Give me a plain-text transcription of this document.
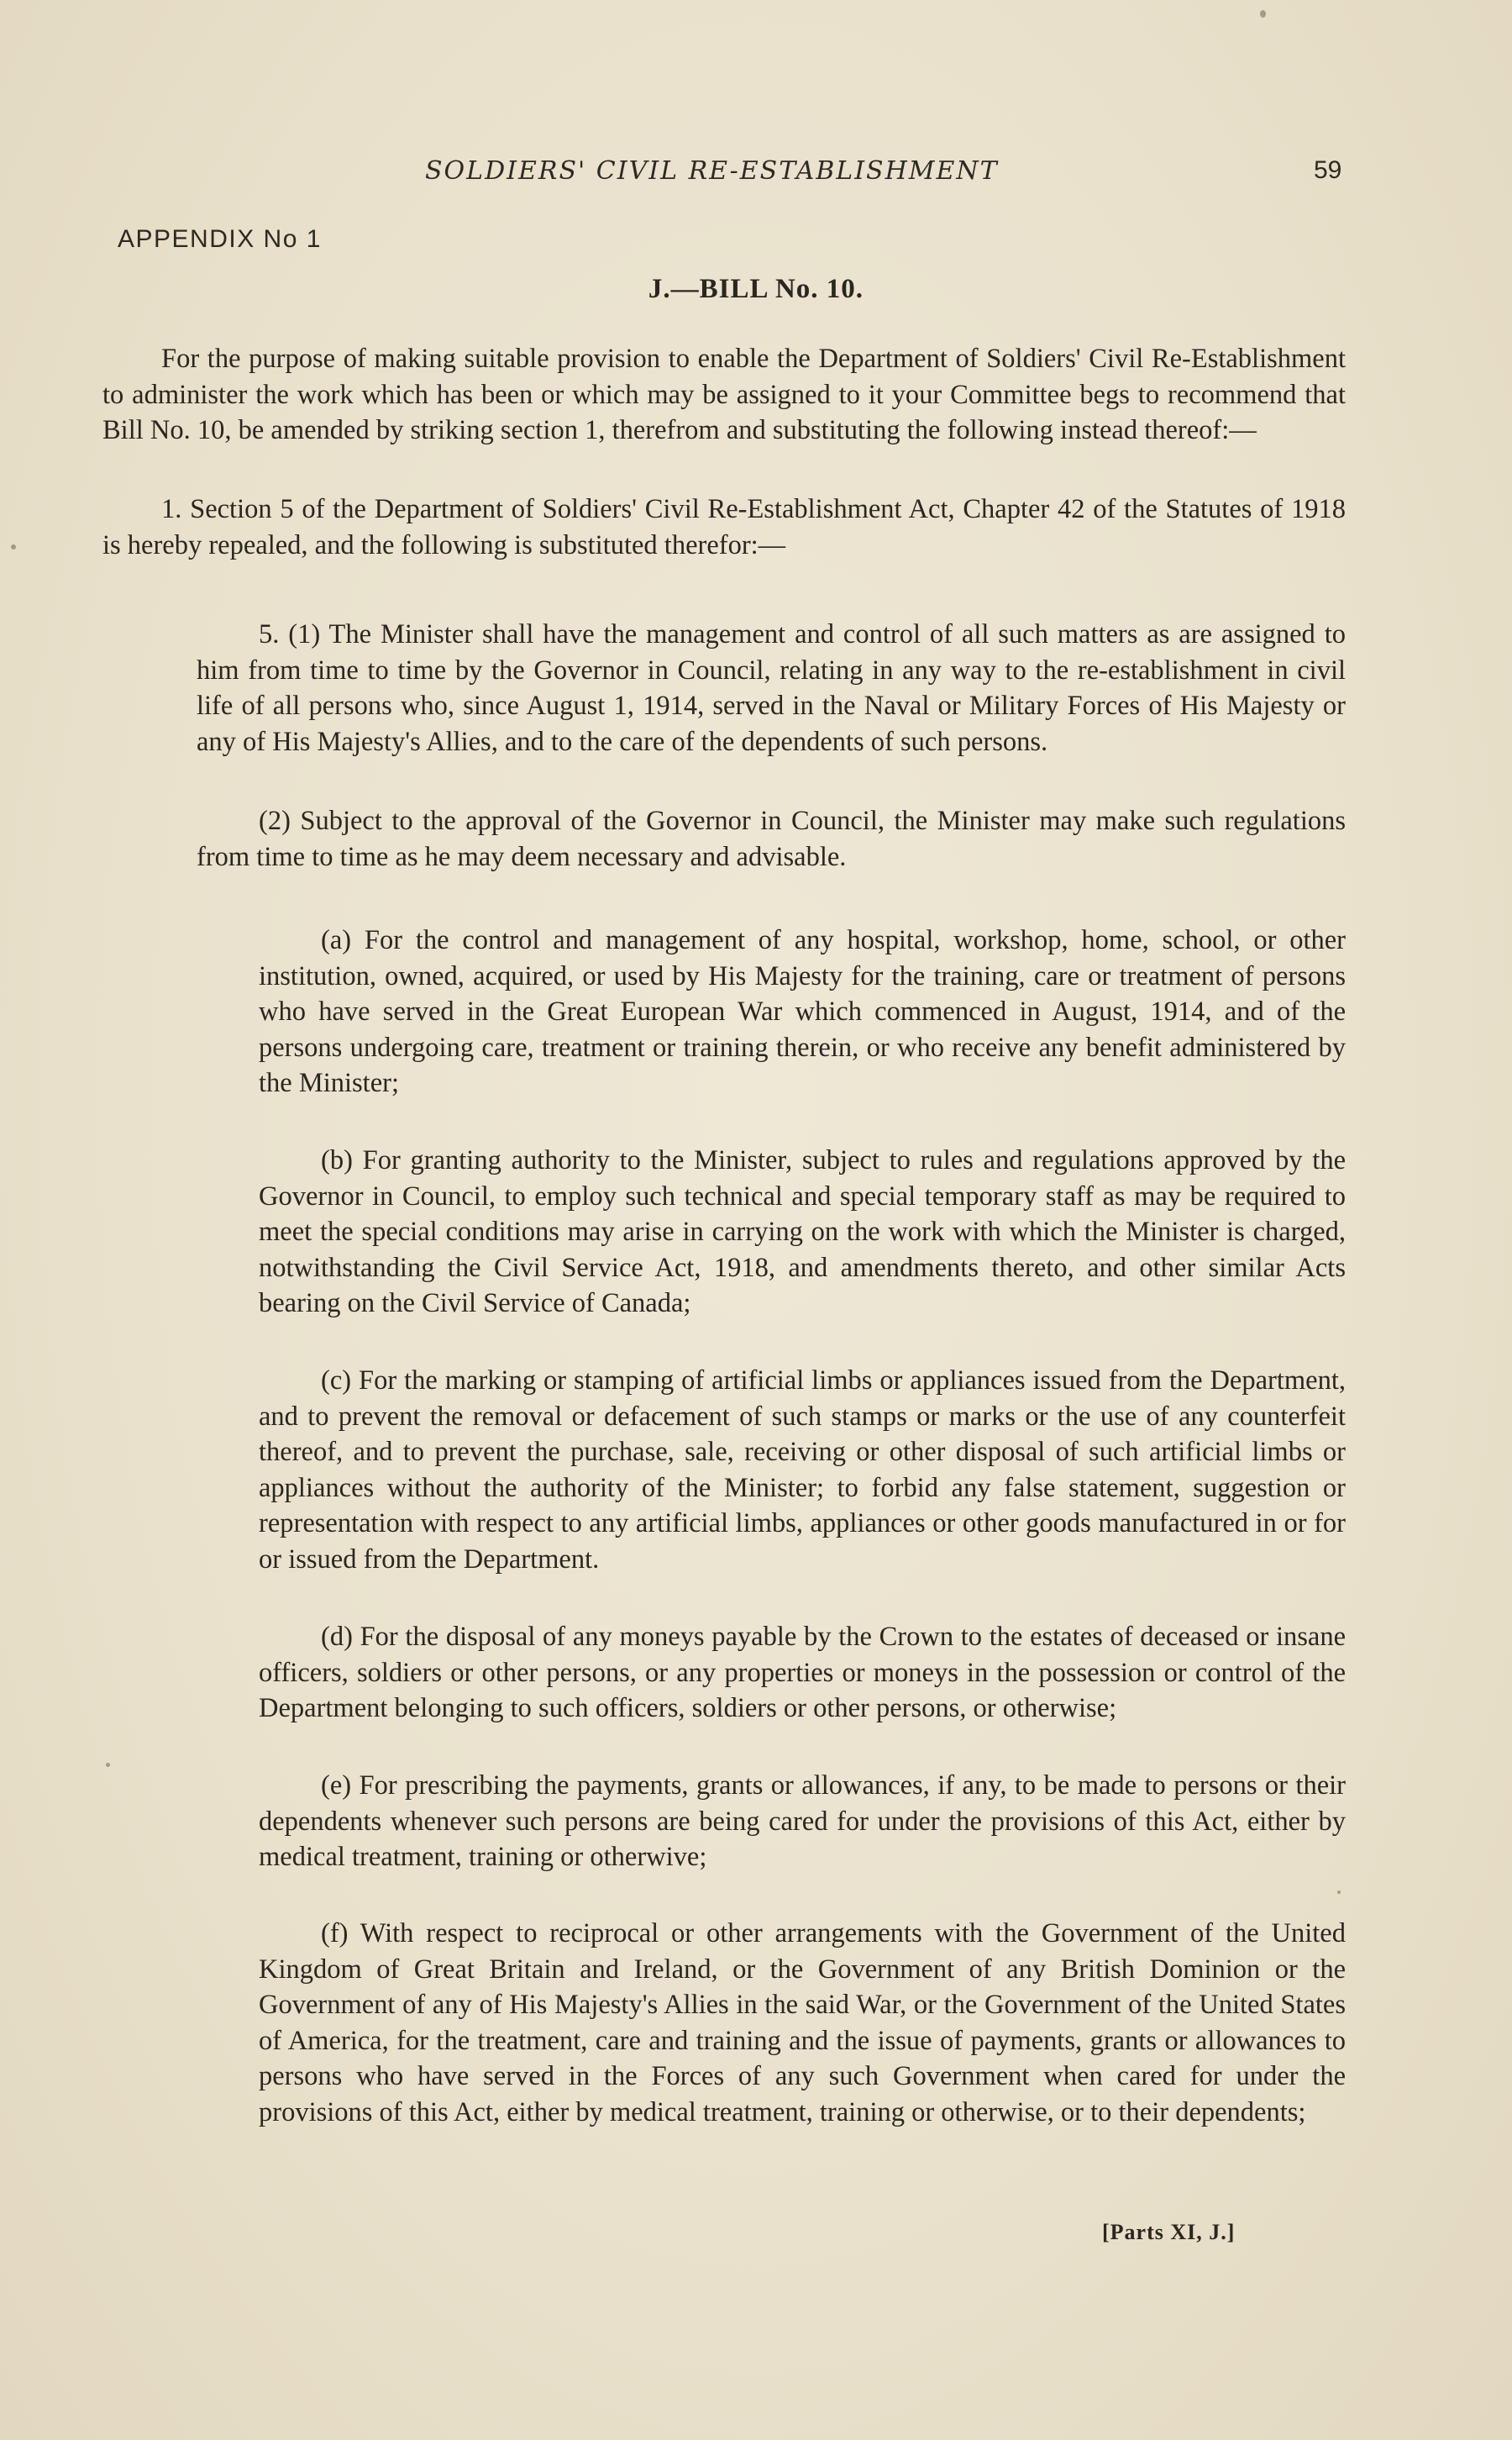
SOLDIERS' CIVIL RE-ESTABLISHMENT	59
APPENDIX No 1
J.—BILL No. 10.

For the purpose of making suitable provision to enable the Department of Soldiers' Civil Re-Establishment to administer the work which has been or which may be assigned to it your Committee begs to recommend that Bill No. 10, be amended by striking section 1, therefrom and substituting the following instead thereof:—

1. Section 5 of the Department of Soldiers' Civil Re-Establishment Act, Chapter 42 of the Statutes of 1918 is hereby repealed, and the following is substituted therefor:—

5. (1) The Minister shall have the management and control of all such matters as are assigned to him from time to time by the Governor in Council, relating in any way to the re-establishment in civil life of all persons who, since August 1, 1914, served in the Naval or Military Forces of His Majesty or any of His Majesty's Allies, and to the care of the dependents of such persons.

(2) Subject to the approval of the Governor in Council, the Minister may make such regulations from time to time as he may deem necessary and advisable.

(a) For the control and management of any hospital, workshop, home, school, or other institution, owned, acquired, or used by His Majesty for the training, care or treatment of persons who have served in the Great European War which commenced in August, 1914, and of the persons undergoing care, treatment or training therein, or who receive any benefit administered by the Minister;

(b) For granting authority to the Minister, subject to rules and regulations approved by the Governor in Council, to employ such technical and special temporary staff as may be required to meet the special conditions may arise in carrying on the work with which the Minister is charged, notwithstanding the Civil Service Act, 1918, and amendments thereto, and other similar Acts bearing on the Civil Service of Canada;

(c) For the marking or stamping of artificial limbs or appliances issued from the Department, and to prevent the removal or defacement of such stamps or marks or the use of any counterfeit thereof, and to prevent the purchase, sale, receiving or other disposal of such artificial limbs or appliances without the authority of the Minister; to forbid any false statement, suggestion or representation with respect to any artificial limbs, appliances or other goods manufactured in or for or issued from the Department.

(d) For the disposal of any moneys payable by the Crown to the estates of deceased or insane officers, soldiers or other persons, or any properties or moneys in the possession or control of the Department belonging to such officers, soldiers or other persons, or otherwise;

(e) For prescribing the payments, grants or allowances, if any, to be made to persons or their dependents whenever such persons are being cared for under the provisions of this Act, either by medical treatment, training or otherwive;

(f) With respect to reciprocal or other arrangements with the Government of the United Kingdom of Great Britain and Ireland, or the Government of any British Dominion or the Government of any of His Majesty's Allies in the said War, or the Government of the United States of America, for the treatment, care and training and the issue of payments, grants or allowances to persons who have served in the Forces of any such Government when cared for under the provisions of this Act, either by medical treatment, training or otherwise, or to their dependents;

[Parts XI, J.]
